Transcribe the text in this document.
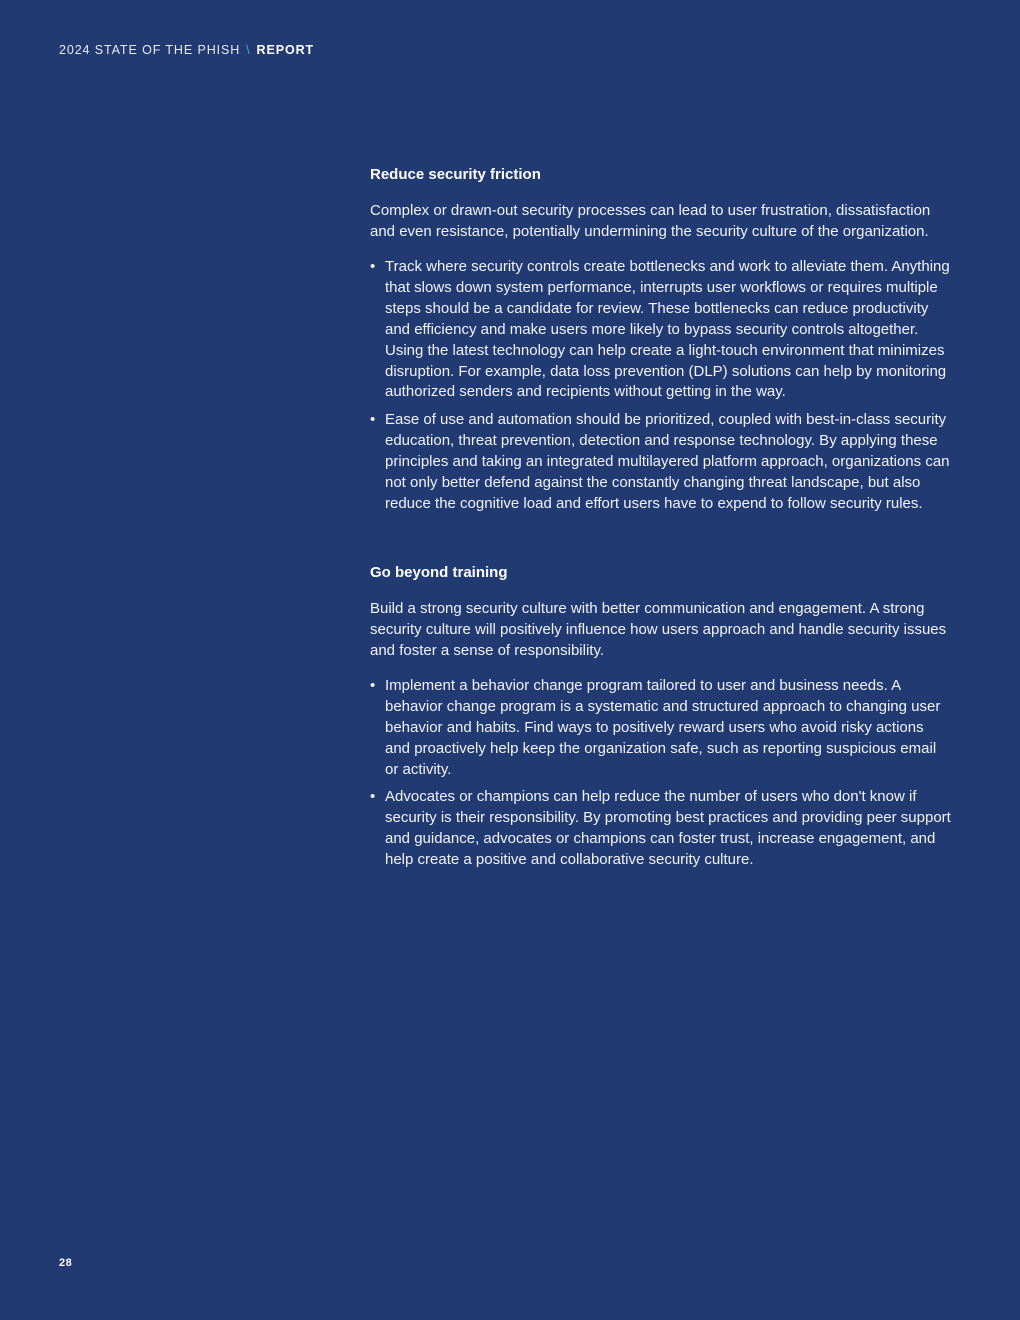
2024 STATE OF THE PHISH \ REPORT
Reduce security friction

Complex or drawn-out security processes can lead to user frustration, dissatisfaction and even resistance, potentially undermining the security culture of the organization.

• Track where security controls create bottlenecks and work to alleviate them. Anything that slows down system performance, interrupts user workflows or requires multiple steps should be a candidate for review. These bottlenecks can reduce productivity and efficiency and make users more likely to bypass security controls altogether. Using the latest technology can help create a light-touch environment that minimizes disruption. For example, data loss prevention (DLP) solutions can help by monitoring authorized senders and recipients without getting in the way.
• Ease of use and automation should be prioritized, coupled with best-in-class security education, threat prevention, detection and response technology. By applying these principles and taking an integrated multilayered platform approach, organizations can not only better defend against the constantly changing threat landscape, but also reduce the cognitive load and effort users have to expend to follow security rules.
Go beyond training

Build a strong security culture with better communication and engagement. A strong security culture will positively influence how users approach and handle security issues and foster a sense of responsibility.

• Implement a behavior change program tailored to user and business needs. A behavior change program is a systematic and structured approach to changing user behavior and habits. Find ways to positively reward users who avoid risky actions and proactively help keep the organization safe, such as reporting suspicious email or activity.
• Advocates or champions can help reduce the number of users who don't know if security is their responsibility. By promoting best practices and providing peer support and guidance, advocates or champions can foster trust, increase engagement, and help create a positive and collaborative security culture.
28
